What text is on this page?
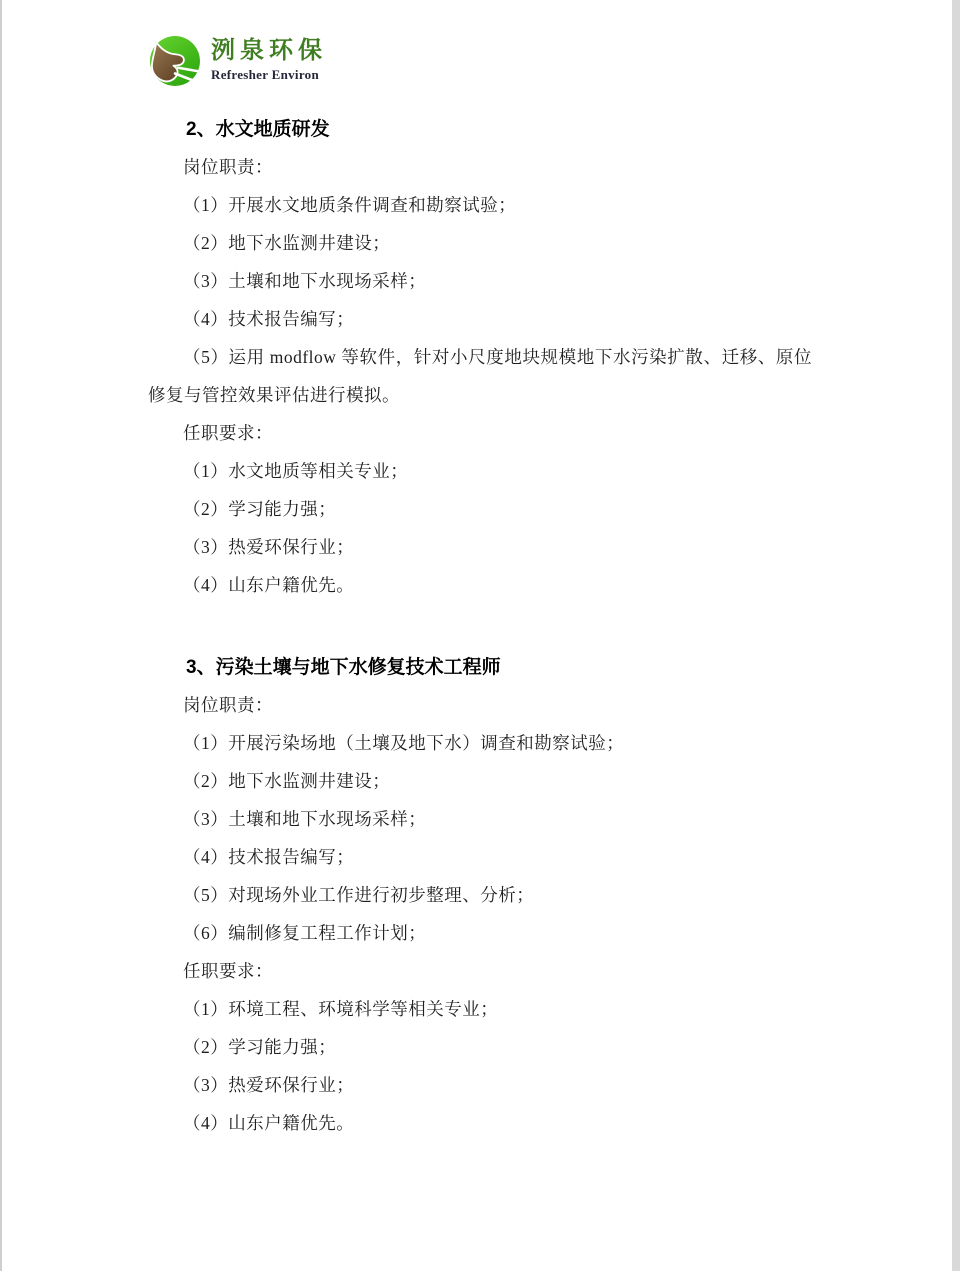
洌泉环保
Refresher Environ
2、水文地质研发

岗位职责：

（1）开展水文地质条件调查和勘察试验；

（2）地下水监测井建设；

（3）土壤和地下水现场采样；

（4）技术报告编写；

（5）运用 modflow 等软件，针对小尺度地块规模地下水污染扩散、迁移、原位修复与管控效果评估进行模拟。

任职要求：

（1）水文地质等相关专业；

（2）学习能力强；

（3）热爱环保行业；

（4）山东户籍优先。

3、污染土壤与地下水修复技术工程师

岗位职责：

（1）开展污染场地（土壤及地下水）调查和勘察试验；

（2）地下水监测井建设；

（3）土壤和地下水现场采样；

（4）技术报告编写；

（5）对现场外业工作进行初步整理、分析；

（6）编制修复工程工作计划；

任职要求：

（1）环境工程、环境科学等相关专业；

（2）学习能力强；

（3）热爱环保行业；

（4）山东户籍优先。
